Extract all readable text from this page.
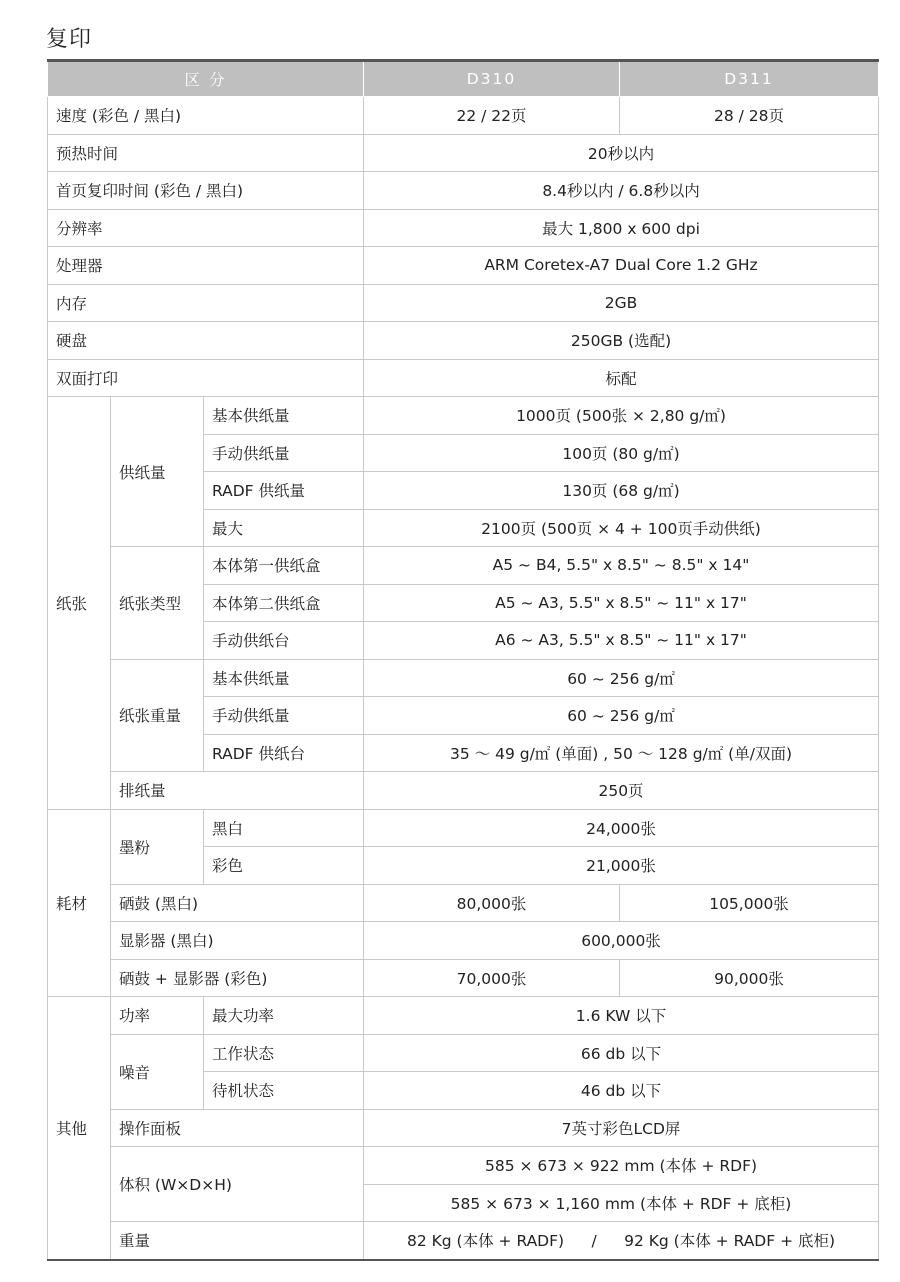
复印
区 分			D310	D311
速度 (彩色 / 黑白)			22 / 22页	28 / 28页
预热时间			20秒以内	
首页复印时间 (彩色 / 黑白)			8.4秒以内 / 6.8秒以内	
分辨率			最大 1,800 x 600 dpi	
处理器			ARM Coretex-A7 Dual Core 1.2 GHz	
内存			2GB	
硬盘			250GB (选配)	
双面打印			标配	
纸张	供纸量	基本供纸量	1000页 (500张 × 2,80 g/㎡)	
		手动供纸量	100页 (80 g/㎡)	
		RADF 供纸量	130页 (68 g/㎡)	
		最大	2100页 (500页 × 4 + 100页手动供纸)	
	纸张类型	本体第一供纸盒	A5 ~ B4, 5.5" x 8.5" ~ 8.5" x 14"	
		本体第二供纸盒	A5 ~ A3, 5.5" x 8.5" ~ 11" x 17"	
		手动供纸台	A6 ~ A3, 5.5" x 8.5" ~ 11" x 17"	
	纸张重量	基本供纸量	60 ~ 256 g/㎡	
		手动供纸量	60 ~ 256 g/㎡	
		RADF 供纸台	35 ～ 49 g/㎡ (单面) , 50 ～ 128 g/㎡ (单/双面)	
	排纸量		250页	
耗材	墨粉	黑白	24,000张	
		彩色	21,000张	
	硒鼓 (黑白)		80,000张	105,000张
	显影器 (黑白)		600,000张	
	硒鼓 + 显影器 (彩色)		70,000张	90,000张
其他	功率	最大功率	1.6 KW 以下	
	噪音	工作状态	66 db 以下	
		待机状态	46 db 以下	
	操作面板		7英寸彩色LCD屏	
	体积 (W×D×H)		585 × 673 × 922 mm (本体 + RDF)	
			585 × 673 × 1,160 mm (本体 + RDF + 底柜)	
	重量		82 Kg (本体 + RADF) / 92 Kg (本体 + RADF + 底柜)	
